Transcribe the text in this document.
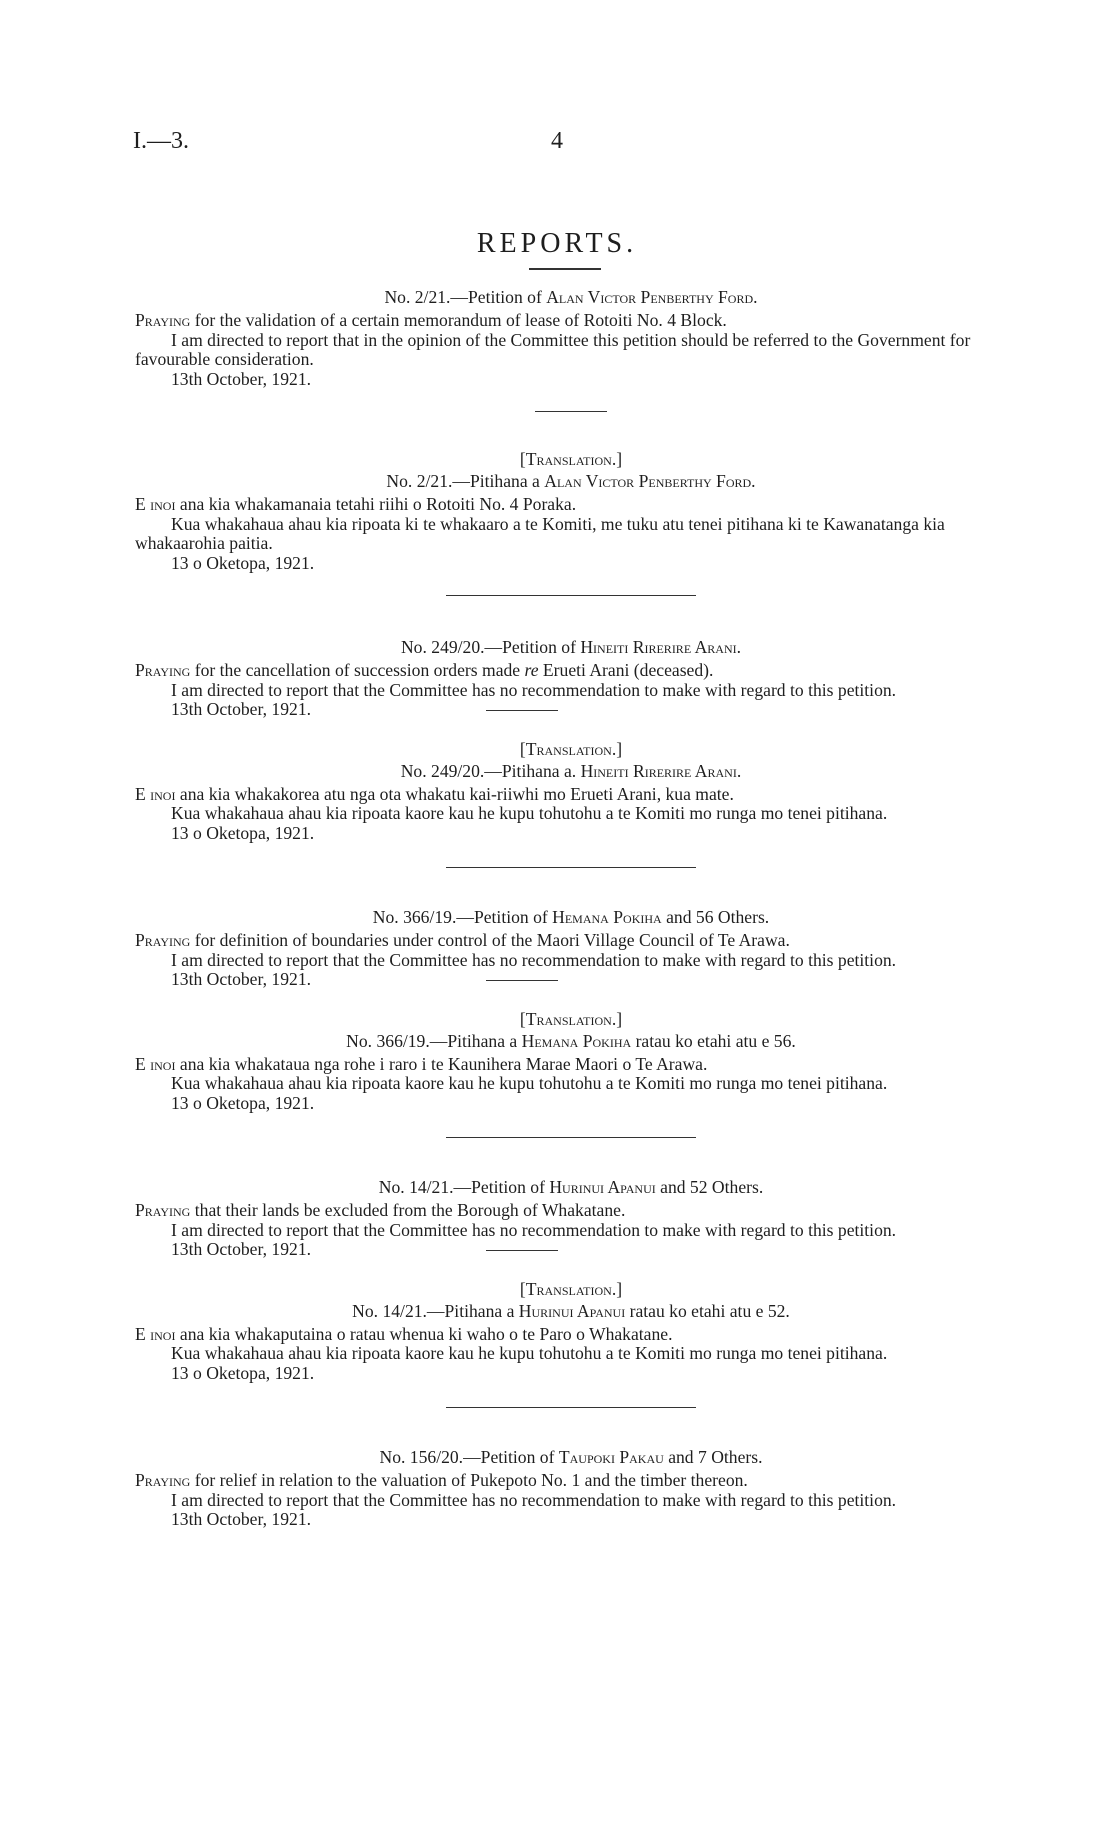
I.—3.	4
REPORTS.

No. 2/21.—Petition of Alan Victor Penberthy Ford.

Praying for the validation of a certain memorandum of lease of Rotoiti No. 4 Block.

I am directed to report that in the opinion of the Committee this petition should be referred to the Government for favourable consideration.

13th October, 1921.

[Translation.]

No. 2/21.—Pitihana a Alan Victor Penberthy Ford.

E inoi ana kia whakamanaia tetahi riihi o Rotoiti No. 4 Poraka.

Kua whakahaua ahau kia ripoata ki te whakaaro a te Komiti, me tuku atu tenei pitihana ki te Kawanatanga kia whakaarohia paitia.

13 o Oketopa, 1921.

No. 249/20.—Petition of Hineiti Rirerire Arani.

Praying for the cancellation of succession orders made re Erueti Arani (deceased).

I am directed to report that the Committee has no recommendation to make with regard to this petition.

13th October, 1921.

[Translation.]

No. 249/20.—Pitihana a. Hineiti Rirerire Arani.

E inoi ana kia whakakorea atu nga ota whakatu kai-riiwhi mo Erueti Arani, kua mate.

Kua whakahaua ahau kia ripoata kaore kau he kupu tohutohu a te Komiti mo runga mo tenei pitihana.

13 o Oketopa, 1921.

No. 366/19.—Petition of Hemana Pokiha and 56 Others.

Praying for definition of boundaries under control of the Maori Village Council of Te Arawa.

I am directed to report that the Committee has no recommendation to make with regard to this petition.

13th October, 1921.

[Translation.]

No. 366/19.—Pitihana a Hemana Pokiha ratau ko etahi atu e 56.

E inoi ana kia whakataua nga rohe i raro i te Kaunihera Marae Maori o Te Arawa.

Kua whakahaua ahau kia ripoata kaore kau he kupu tohutohu a te Komiti mo runga mo tenei pitihana.

13 o Oketopa, 1921.

No. 14/21.—Petition of Hurinui Apanui and 52 Others.

Praying that their lands be excluded from the Borough of Whakatane.

I am directed to report that the Committee has no recommendation to make with regard to this petition.

13th October, 1921.

[Translation.]

No. 14/21.—Pitihana a Hurinui Apanui ratau ko etahi atu e 52.

E inoi ana kia whakaputaina o ratau whenua ki waho o te Paro o Whakatane.

Kua whakahaua ahau kia ripoata kaore kau he kupu tohutohu a te Komiti mo runga mo tenei pitihana.

13 o Oketopa, 1921.

No. 156/20.—Petition of Taupoki Pakau and 7 Others.

Praying for relief in relation to the valuation of Pukepoto No. 1 and the timber thereon.

I am directed to report that the Committee has no recommendation to make with regard to this petition.

13th October, 1921.
